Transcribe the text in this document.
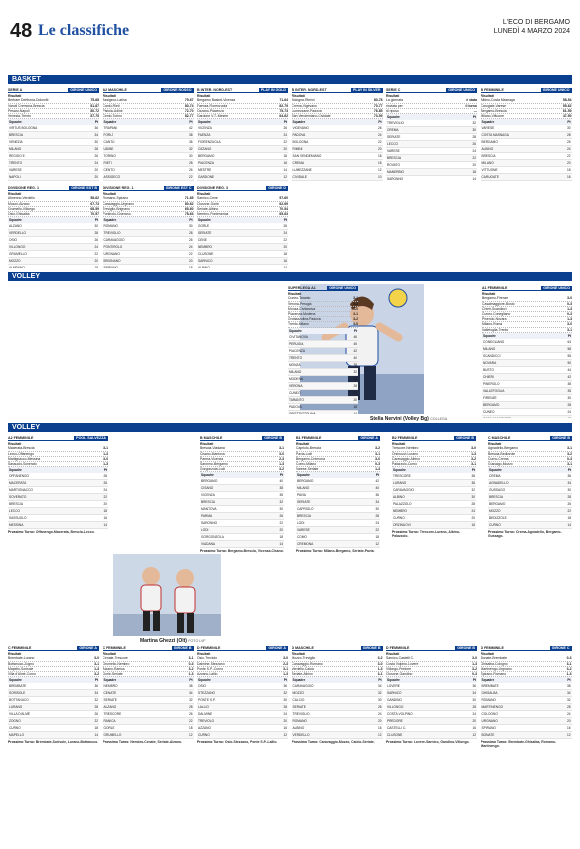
48 Le classifiche	L'ECO DI BERGAMO
LUNEDÌ 4 MARZO 2024
BASKET
VOLLEY
Stella Nervini (Volley Bg) COLLEGA
VOLLEY
Martina Ghezzi (Olt) FOTO LVF
SERIE A	GIRONE UNICO
Risultati
Bertram Derthona-Dolomiti	75-68
Vanoli Cremona-Brescia	81-87
Pesaro-Napoli	80-72
Venezia-Trento	87-75
Squadre	Pt
VIRTUS BOLOGNA	36
BRESCIA	34
VENEZIA	30
MILANO	28
REGGIO E.	26
TRENTO	24
VARESE	20
NAPOLI	20

A2 MASCHILE	GIRONE ROSSO
Risultati
Assigeco-Latina	79-67
Cantù-Rieti	80-74
Pistoia-Udine	72-70
Cento-Torino	82-77
Squadre	Pt
TRAPANI	42
FORLÌ	38
CANTÙ	36
UDINE	32
TORINO	30
RIETI	28
CENTO	26
ASSIGECO	22

B INTER. NORD-EST	PLAY IN GOLD
Risultati
Bergamo Basket-Vicenza	71-64
Faenza-Fiorenzuola	82-79
Ozzano-Piacenza	75-73
Gardone V.T.-Mestre	64-62
Squadre	Pt
VICENZA	26
FAENZA	24
FIORENZUOLA	22
OZZANO	20
BERGAMO	18
PIACENZA	16
MESTRE	14
GARDONE	12
B INTER. NORD-EST	PLAY IN SILVER
Risultati
Bologna-Rimini	80-78
Crema-Vigevano	70-77
Lumezzane-Padova	76-85
San Vendemiano-Cividale	73-59
Squadre	Pt
VIGEVANO	26
PADOVA	24
BOLOGNA	22
RIMINI	20
SAN VENDEMIANO	18
CREMA	16
LUMEZZANE	12
CIVIDALE	10
SERIE C	GIRONE UNICO
Risultati
La giornata	è stata
rinviata per	il turno
di riposo	—
Squadre	Pt
TREVIGLIO	32
CREMA	30
SERIATE	28
LECCO	26
VARESE	24
BRESCIA	22
ROVATO	20
MANERBIO	18
SARONNO	14

B FEMMINILE	GIRONE UNICO
Risultati
Albino-Costa Masnaga	58-54
Carugate-Varese	55-62
Bergamo-Brescia	61-59
Milano-Vittuone	47-50
Squadre	Pt
VARESE	30
COSTA MASNAGA	28
BERGAMO	26
ALBINO	24
BRESCIA	22
MILANO	20
VITTUONE	18
CARUGATE	16

DIVISIONE REG. 1	GIRONE EST B
Risultati
Almenno-Verdello	58-62
Mozzo-Alzano	67-73
Grumello-Villongo	68-59
Osio-Ghisalba	70-57
Squadre	Pt
ALZANO	30
VERDELLO	28
OSIO	26
VILLONGO	24
GRUMELLO	22
MOZZO	20

DIVISIONE REG. 1	GIRONE EST C
Risultati
Romano-Spirano	71-65
Caravaggio-Urgnano	80-62
Treviglio-Brignano	65-60
Pontirolo-Ciserano	78-63
Squadre	Pt
ROMANO	30
TREVIGLIO	28
CARAVAGGIO	26
PONTIROLO	24
URGNANO	22
BRIGNANO	20

DIVISIONE REG. 3	GIRONE D
Risultati
Sarnico-Cene	57-60
Clusone-Gorle	62-69
Seriate-Albino	70-54
Nembro-Ponteranica	65-63
Squadre	Pt
GORLE	26
SERIATE	24
CENE	22
NEMBRO	20
CLUSONE	18
SARNICO	16

SUPERLEGA A1	GIRONE UNICO
Risultati
Cuneo-Taranto	3-1
Verona-Perugia	0-3
Monza-Civitanova	3-0
Piacenza-Modena	3-1
Grottazzolina-Padova	3-2
Trento-Milano	3-0
Squadre	Pt
CIVITANOVA	46
PERUGIA	45
PIACENZA	42
TRENTO	40
MONZA	38
MILANO	32
MODENA	30
VERONA	28
CUNEO	22
TARANTO	20
PADOVA	18
GROTTAZZOLINA	14
A1 FEMMINILE	GIRONE UNICO
Risultati
Bergamo-Firenze	3-0
Casalmaggiore-Busto	0-3
Chieri-Scandicci	1-3
Cuneo-Conegliano	0-3
Pinerolo-Novara	1-3
Milano-Roma	3-0
Vallefoglia-Trento	3-1
Squadre	Pt
CONEGLIANO	64
MILANO	58
SCANDICCI	55
NOVARA	50
BUSTO	44
CHIERI	42
PINEROLO	38
VALLEFOGLIA	35
FIRENZE	30
BERGAMO	28
CUNEO	24

A2 FEMMINILE	POOL SALVEZZA
Risultati
Macerata-Brescia	3-1
Lecco-Offanengo	1-3
Martignacco-Messina	3-0
Sassuolo-Soverato	1-3
Squadre	Pt
OFFANENGO	28
MACERATA	26
MARTIGNACCO	24
SOVERATO	22
BRESCIA	20
LECCO	18
SASSUOLO	16
MESSINA	14
Prossimo Turno: Offanengo-Macerata, Brescia-Lecco.
B MASCHILE	GIRONE B
Risultati
Brescia-Viadana	3-1
Cisano-Mantova	3-0
Parma-Vicenza	2-3
Saronno-Bergamo	1-3
Gorgonzola-Lodi	3-2
Squadre	Pt
BERGAMO	40
CISANO	38
VICENZA	35
BRESCIA	32
MANTOVA	30
PARMA	26
SARONNO	22
LODI	20
GORGONZOLA	18
VIADANA	14
Prossimo Turno: Bergamo-Brescia, Vicenza-Cisano.
B1 FEMMINILE	GIRONE A
Risultati
Capriolo-Brescia	3-2
Pavia-Lodi	3-1
Bergamo-Cremona	3-0
Como-Milano	0-3
Varese-Seriate	1-3
Squadre	Pt
BERGAMO	42
MILANO	40
PAVIA	36
SERIATE	34
CAPRIOLO	30
BRESCIA	28
LODI	24
VARESE	22
COMO	18
CREMONA	12
Prossimo Turno: Milano-Bergamo, Seriate-Pavia.
B2 FEMMINILE	GIRONE B
Risultati
Trescore-Nembro	3-0
Orzinuovi-Lurano	1-3
Caravaggio-Albino	3-2
Palazzolo-Curno	3-1
Squadre	Pt
TRESCORE	38
LURANO	36
CARAVAGGIO	32
ALBINO	30
PALAZZOLO	28
NEMBRO	24
CURNO	20
ORZINUOVI	16
Prossimo Turno: Trescore-Lurano, Albino-Palazzolo.
C MASCHILE	GIRONE B
Risultati
Agnadello-Bergamo	3-1
Brescia-Bedizzole	3-2
Curno-Crema	0-3
Gussago-Mozzo	3-1
Squadre	Pt
CREMA	36
AGNADELLO	34
GUSSAGO	30
BRESCIA	28
BERGAMO	26
MOZZO	22
BEDIZZOLE	18
CURNO	14
Prossimo Turno: Crema-Agnadello, Bergamo-Gussago.
C FEMMINILE	GIRONE A
Risultati
Brembate-Lurano	3-0
Bottanuco-Zogno	3-1
Mapello-Sorisole	1-3
Villa d'Almè-Curno	3-2
Squadre	Pt
BREMBATE	36
SORISOLE	34
BOTTANUCO	32
LURANO	28
VILLA D'ALMÈ	26
ZOGNO	22
CURNO	18
MAPELLO	14
Prossimo Turno: Brembate-Sorisole, Lurano-Bottanuco.
C FEMMINILE	GIRONE B
Risultati
Cenate-Trescore	3-1
Grumello-Nembro	0-3
Alzano-Ranica	3-2
Gorle-Seriate	1-3
Squadre	Pt
NEMBRO	38
CENATE	34
SERIATE	32
ALZANO	28
TRESCORE	26
RANICA	22
GORLE	18
GRUMELLO	12
Prossimo Turno: Nembro-Cenate, Seriate-Alzano.
D FEMMINILE	GIRONE A
Risultati
Osio-Treviolo	3-0
Dalmine-Stezzano	2-3
Ponte S.P.-Curno	3-1
Azzano-Lallio	1-3
Squadre	Pt
OSIO	36
STEZZANO	32
PONTE S.P.	30
LALLIO	28
DALMINE	24
TREVIOLO	20
AZZANO	16
CURNO	12
Prossimo Turno: Osio-Stezzano, Ponte S.P.-Lallio.
D MASCHILE	GIRONE B
Risultati
Mozzo-Treviglio	3-2
Caravaggio-Romano	3-0
Verdello-Calcio	1-3
Seriate-Albino	3-1
Squadre	Pt
CARAVAGGIO	34
MOZZO	32
CALCIO	30
SERIATE	26
TREVIGLIO	24
ROMANO	20
ALBINO	16
VERDELLO	12
Prossimo Turno: Caravaggio-Mozzo, Calcio-Seriate.
D FEMMINILE	GIRONE B
Risultati
Sarnico-Castelli C.	3-0
Costa Volpino-Lovere	1-3
Villongo-Predore	3-2
Clusone-Gandino	0-3
Squadre	Pt
LOVERE	36
SARNICO	34
GANDINO	30
VILLONGO	28
COSTA VOLPINO	24
PREDORE	20
CASTELLI C.	16
CLUSONE	12
Prossimo Turno: Lovere-Sarnico, Gandino-Villongo.
D FEMMINILE	GIRONE C
Risultati
Bonate-Brembate	0-3
Ghisalba-Cologno	3-1
Martinengo-Urgnano	3-2
Spirano-Romano	1-3
Squadre	Pt
BREMBATE	38
GHISALBA	34
ROMANO	32
MARTINENGO	28
COLOGNO	24
URGNANO	20
SPIRANO	16
BONATE	12
Prossimo Turno: Brembate-Ghisalba, Romano-Martinengo.
